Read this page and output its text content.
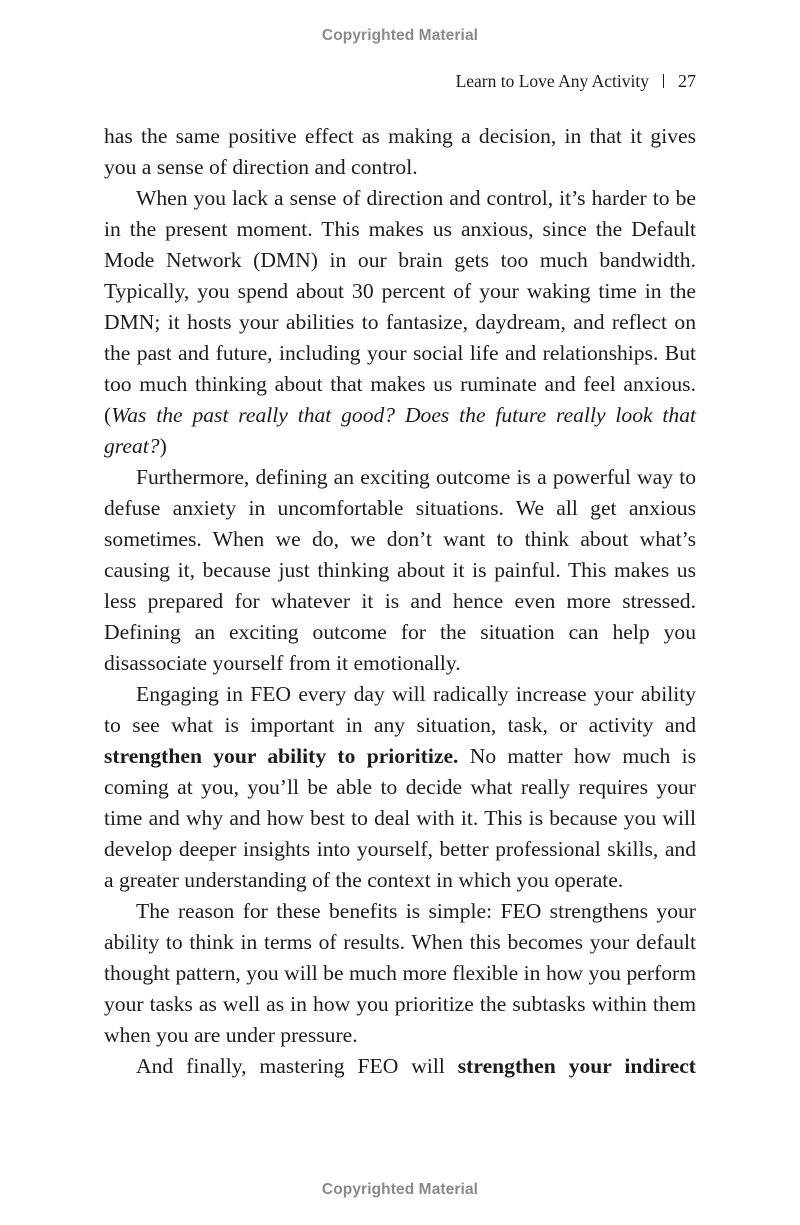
Copyrighted Material
Learn to Love Any Activity 27

has the same positive effect as making a decision, in that it gives you a sense of direction and control.

When you lack a sense of direction and control, it’s harder to be in the present moment. This makes us anxious, since the Default Mode Network (DMN) in our brain gets too much bandwidth. Typically, you spend about 30 percent of your waking time in the DMN; it hosts your abilities to fantasize, daydream, and reflect on the past and future, including your social life and relationships. But too much thinking about that makes us ruminate and feel anxious. (Was the past really that good? Does the future really look that great?)

Furthermore, defining an exciting outcome is a powerful way to defuse anxiety in uncomfortable situations. We all get anxious sometimes. When we do, we don’t want to think about what’s causing it, because just thinking about it is painful. This makes us less prepared for whatever it is and hence even more stressed. Defining an exciting outcome for the situation can help you disassociate yourself from it emotionally.

Engaging in FEO every day will radically increase your ability to see what is important in any situation, task, or activity and strengthen your ability to prioritize. No matter how much is coming at you, you’ll be able to decide what really requires your time and why and how best to deal with it. This is because you will develop deeper insights into yourself, better professional skills, and a greater understanding of the context in which you operate.

The reason for these benefits is simple: FEO strengthens your ability to think in terms of results. When this becomes your default thought pattern, you will be much more flexible in how you perform your tasks as well as in how you prioritize the subtasks within them when you are under pressure.

And finally, mastering FEO will strengthen your indirect

Copyrighted Material
